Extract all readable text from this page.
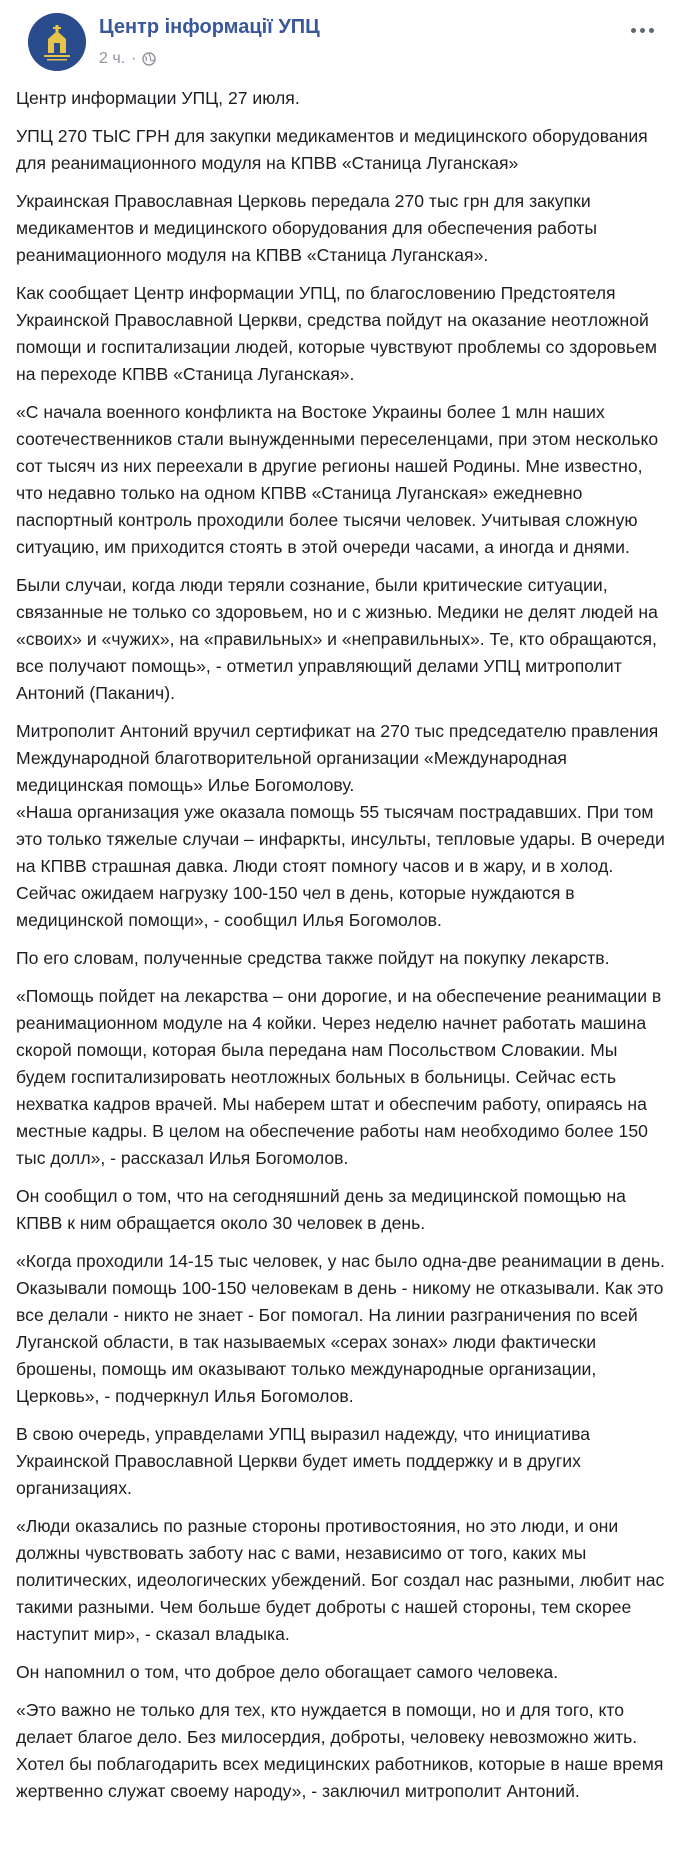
Центр інформації УПЦ
2 ч. ·

Центр информации УПЦ, 27 июля.

УПЦ 270 ТЫС ГРН для закупки медикаментов и медицинского оборудования для реанимационного модуля на КПВВ «Станица Луганская»

Украинская Православная Церковь передала 270 тыс грн для закупки медикаментов и медицинского оборудования для обеспечения работы реанимационного модуля на КПВВ «Станица Луганская».

Как сообщает Центр информации УПЦ, по благословению Предстоятеля Украинской Православной Церкви, средства пойдут на оказание неотложной помощи и госпитализации людей, которые чувствуют проблемы со здоровьем на переходе КПВВ «Станица Луганская».

«С начала военного конфликта на Востоке Украины более 1 млн наших соотечественников стали вынужденными переселенцами, при этом несколько сот тысяч из них переехали в другие регионы нашей Родины. Мне известно, что недавно только на одном КПВВ «Станица Луганская» ежедневно паспортный контроль проходили более тысячи человек. Учитывая сложную ситуацию, им приходится стоять в этой очереди часами, а иногда и днями.

Были случаи, когда люди теряли сознание, были критические ситуации, связанные не только со здоровьем, но и с жизнью. Медики не делят людей на «своих» и «чужих», на «правильных» и «неправильных». Те, кто обращаются, все получают помощь», - отметил управляющий делами УПЦ митрополит Антоний (Паканич).

Митрополит Антоний вручил сертификат на 270 тыс председателю правления Международной благотворительной организации «Международная медицинская помощь» Илье Богомолову.

«Наша организация уже оказала помощь 55 тысячам пострадавших. При том это только тяжелые случаи – инфаркты, инсульты, тепловые удары. В очереди на КПВВ страшная давка. Люди стоят помногу часов и в жару, и в холод. Сейчас ожидаем нагрузку 100-150 чел в день, которые нуждаются в медицинской помощи», - сообщил Илья Богомолов.

По его словам, полученные средства также пойдут на покупку лекарств.

«Помощь пойдет на лекарства – они дорогие, и на обеспечение реанимации в реанимационном модуле на 4 койки. Через неделю начнет работать машина скорой помощи, которая была передана нам Посольством Словакии. Мы будем госпитализировать неотложных больных в больницы. Сейчас есть нехватка кадров врачей. Мы наберем штат и обеспечим работу, опираясь на местные кадры. В целом на обеспечение работы нам необходимо более 150 тыс долл», - рассказал Илья Богомолов.

Он сообщил о том, что на сегодняшний день за медицинской помощью на КПВВ к ним обращается около 30 человек в день.

«Когда проходили 14-15 тыс человек, у нас было одна-две реанимации в день. Оказывали помощь 100-150 человекам в день - никому не отказывали. Как это все делали - никто не знает - Бог помогал. На линии разграничения по всей Луганской области, в так называемых «серах зонах» люди фактически брошены, помощь им оказывают только международные организации, Церковь», - подчеркнул Илья Богомолов.

В свою очередь, управделами УПЦ выразил надежду, что инициатива Украинской Православной Церкви будет иметь поддержку и в других организациях.

«Люди оказались по разные стороны противостояния, но это люди, и они должны чувствовать заботу нас с вами, независимо от того, каких мы политических, идеологических убеждений. Бог создал нас разными, любит нас такими разными. Чем больше будет доброты с нашей стороны, тем скорее наступит мир», - сказал владыка.

Он напомнил о том, что доброе дело обогащает самого человека.

«Это важно не только для тех, кто нуждается в помощи, но и для того, кто делает благое дело. Без милосердия, доброты, человеку невозможно жить. Хотел бы поблагодарить всех медицинских работников, которые в наше время жертвенно служат своему народу», - заключил митрополит Антоний.
